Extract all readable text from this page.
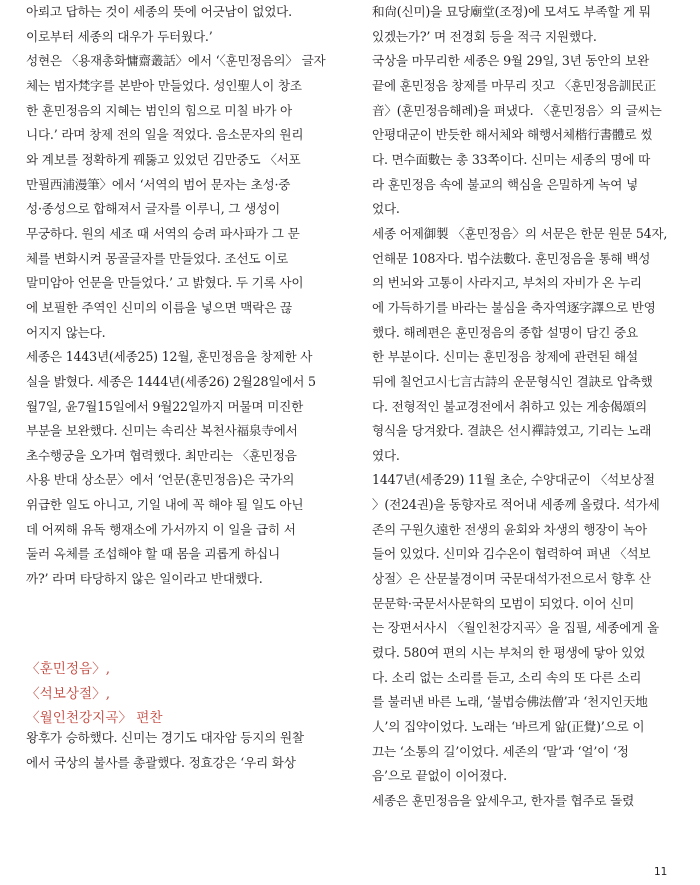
아뢰고 답하는 것이 세종의 뜻에 어긋남이 없었다.
이로부터 세종의 대우가 두터웠다.’

성현은 〈용재총화慵齋叢話〉에서 ‘〈훈민정음의〉 글자
체는 범자梵字를 본받아 만들었다. 성인聖人이 창조
한 훈민정음의 지혜는 범인의 힘으로 미칠 바가 아
니다.’ 라며 창제 전의 일을 적었다. 음소문자의 원리
와 계보를 정확하게 꿰뚫고 있었던 김만중도 〈서포
만필西浦漫筆〉에서 ‘서역의 범어 문자는 초성·중
성·종성으로 합해져서 글자를 이루니, 그 생성이
무궁하다. 원의 세조 때 서역의 승려 파사파가 그 문
체를 변화시켜 몽골글자를 만들었다. 조선도 이로
말미암아 언문을 만들었다.’ 고 밝혔다. 두 기록 사이
에 보필한 주역인 신미의 이름을 넣으면 맥락은 끊
어지지 않는다.

세종은 1443년(세종25) 12월, 훈민정음을 창제한 사
실을 밝혔다. 세종은 1444년(세종26) 2월28일에서 5
월7일, 윤7월15일에서 9월22일까지 머물며 미진한
부분을 보완했다. 신미는 속리산 복천사福泉寺에서
초수행궁을 오가며 협력했다. 최만리는 〈훈민정음
사용 반대 상소문〉에서 ‘언문(훈민정음)은 국가의
위급한 일도 아니고, 기일 내에 꼭 해야 될 일도 아닌
데 어찌해 유독 행재소에 가서까지 이 일을 급히 서
둘러 옥체를 조섭해야 할 때 몸을 괴롭게 하십니
까?’ 라며 타당하지 않은 일이라고 반대했다.

〈훈민정음〉,
〈석보상절〉,
〈월인천강지곡〉 편찬

왕후가 승하했다. 신미는 경기도 대자암 등지의 원찰
에서 국상의 불사를 총괄했다. 정효강은 ‘우리 화상

和尙(신미)을 묘당廟堂(조정)에 모셔도 부족할 게 뭐
있겠는가?’ 며 전경회 등을 적극 지원했다.

국상을 마무리한 세종은 9월 29일, 3년 동안의 보완
끝에 훈민정음 창제를 마무리 짓고 〈훈민정음訓民正
音〉(훈민정음해례)을 펴냈다. 〈훈민정음〉의 글씨는
안평대군이 반듯한 해서체와 해행서체楷行書體로 썼
다. 면수面數는 총 33쪽이다. 신미는 세종의 명에 따
라 훈민정음 속에 불교의 핵심을 은밀하게 녹여 넣
었다.

세종 어제御製 〈훈민정음〉의 서문은 한문 원문 54자,
언해문 108자다. 법수法數다. 훈민정음을 통해 백성
의 번뇌와 고통이 사라지고, 부처의 자비가 온 누리
에 가득하기를 바라는 불심을 축자역逐字譯으로 반영
했다. 해례편은 훈민정음의 종합 설명이 담긴 중요
한 부분이다. 신미는 훈민정음 창제에 관련된 해설
뒤에 칠언고시七言古詩의 운문형식인 결訣로 압축했
다. 전형적인 불교경전에서 취하고 있는 게송偈頌의
형식을 당겨왔다. 결訣은 선시禪詩였고, 기리는 노래
였다.

1447년(세종29) 11월 초순, 수양대군이 〈석보상절
〉(전24권)을 동향자로 적어내 세종께 올렸다. 석가세
존의 구원久遠한 전생의 윤회와 차생의 행장이 녹아
들어 있었다. 신미와 김수온이 협력하여 펴낸 〈석보
상절〉은 산문불경이며 국문대석가전으로서 향후 산
문문학·국문서사문학의 모범이 되었다. 이어 신미
는 장편서사시 〈월인천강지곡〉을 집필, 세종에게 올
렸다. 580여 편의 시는 부처의 한 평생에 닿아 있었
다. 소리 없는 소리를 듣고, 소리 속의 또 다른 소리
를 불러낸 바른 노래, ‘불법승佛法僧’과 ‘천지인天地
人’의 집약이었다. 노래는 ‘바르게 앎(正覺)’으로 이
끄는 ‘소통의 길’이었다. 세존의 ‘말’과 ‘얼’이 ‘정
음’으로 끝없이 이어졌다.

세종은 훈민정음을 앞세우고, 한자를 협주로 돌렸

11
